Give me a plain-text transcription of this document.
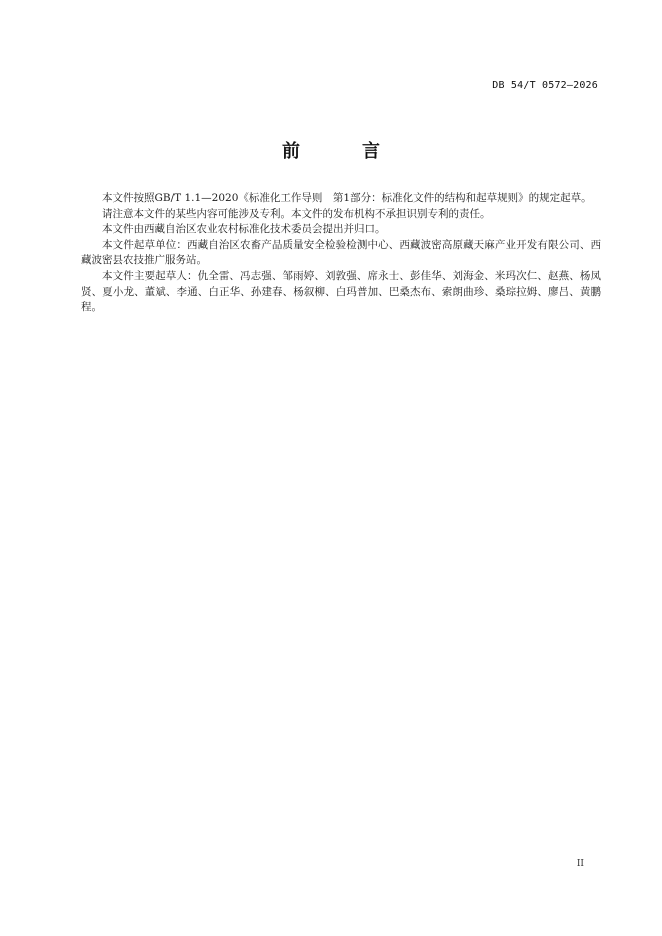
DB 54/T 0572—2026
前　言

本文件按照GB/T 1.1—2020《标准化工作导则　第1部分：标准化文件的结构和起草规则》的规定起草。

请注意本文件的某些内容可能涉及专利。本文件的发布机构不承担识别专利的责任。

本文件由西藏自治区农业农村标准化技术委员会提出并归口。

本文件起草单位：西藏自治区农畜产品质量安全检验检测中心、西藏波密高原藏天麻产业开发有限公司、西藏波密县农技推广服务站。

本文件主要起草人：仇全雷、冯志强、邹雨婷、刘敦强、席永士、彭佳华、刘海金、米玛次仁、赵燕、杨凤贤、夏小龙、董斌、李通、白正华、孙建春、杨叙柳、白玛普加、巴桑杰布、索朗曲珍、桑琮拉姆、廖吕、黄鹏程。

II
